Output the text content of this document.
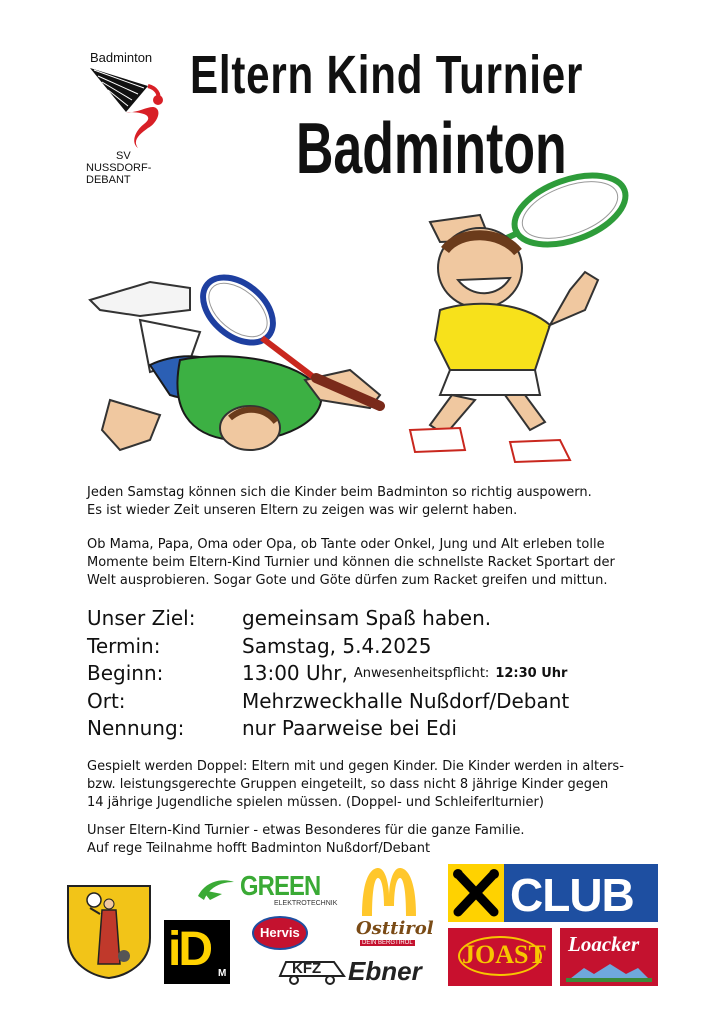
Badminton
SV
NUSSDORF-
DEBANT
Eltern Kind Turnier
Badminton
Jeden Samstag können sich die Kinder beim Badminton so richtig auspowern.
Es ist wieder Zeit unseren Eltern zu zeigen was wir gelernt haben.
Ob Mama, Papa, Oma oder Opa, ob Tante oder Onkel, Jung und Alt erleben tolle
Momente beim Eltern-Kind Turnier und können die schnellste Racket Sportart der
Welt ausprobieren. Sogar Gote und Göte dürfen zum Racket greifen und mittun.
Unser Ziel:	gemeinsam Spaß haben.
Termin:	Samstag, 5.4.2025
Beginn:	13:00 Uhr, Anwesenheitspflicht: 12:30 Uhr
Ort:	Mehrzweckhalle Nußdorf/Debant
Nennung:	nur Paarweise bei Edi
Gespielt werden Doppel: Eltern mit und gegen Kinder. Die Kinder werden in alters-
bzw. leistungsgerechte Gruppen eingeteilt, so dass nicht 8 jährige Kinder gegen
14 jährige Jugendliche spielen müssen. (Doppel- und Schleiferlturnier)
Unser Eltern-Kind Turnier - etwas Besonderes für die ganze Familie.
Auf rege Teilnahme hofft Badminton Nußdorf/Debant
GREEN
ELEKTROTECHNIK
Osttirol
DEIN BERGTIROL
CLUB
iD M
Hervis
KFZ Ebner
JOAST Loacker
